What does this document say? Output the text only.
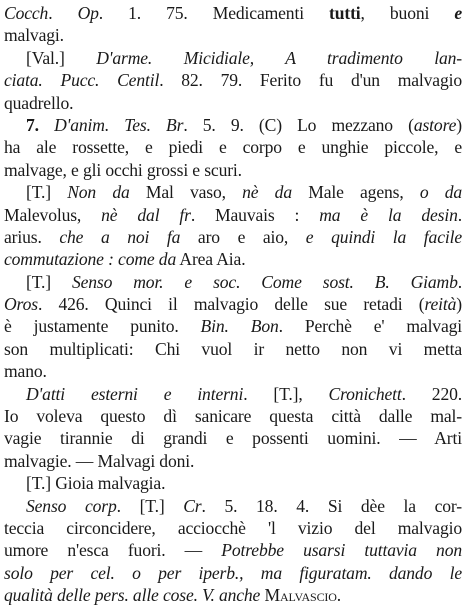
Cocch. Op. 1. 75. Medicamenti tutti, buoni e
malvagi.
[Val.] D'arme. Micidiale, A tradimento lan-
ciata. Pucc. Centil. 82. 79. Ferito fu d'un malvagio
quadrello.
7. D'anim. Tes. Br. 5. 9. (C) Lo mezzano (astore)
ha ale rossette, e piedi e corpo e unghie piccole, e
malvage, e gli occhi grossi e scuri.
[T.] Non da Mal vaso, nè da Male agens, o da
Malevolus, nè dal fr. Mauvais : ma è la desin.
arius. che a noi fa aro e aio, e quindi la facile
commutazione : come da Area Aia.
[T.] Senso mor. e soc. Come sost. B. Giamb.
Oros. 426. Quinci il malvagio delle sue retadi (reità)
è justamente punito. Bin. Bon. Perchè e' malvagi
son multiplicati: Chi vuol ir netto non vi metta
mano.
D'atti esterni e interni. [T.], Cronichett. 220.
Io voleva questo dì sanicare questa città dalle mal-
vagie tirannie di grandi e possenti uomini. — Arti
malvagie. — Malvagi doni.
[T.] Gioia malvagia.
Senso corp. [T.] Cr. 5. 18. 4. Si dèe la cor-
teccia circoncidere, acciocchè 'l vizio del malvagio
umore n'esca fuori. — Potrebbe usarsi tuttavia non
solo per cel. o per iperb., ma figuratam. dando le
qualità delle pers. alle cose. V. anche Malvascio.
